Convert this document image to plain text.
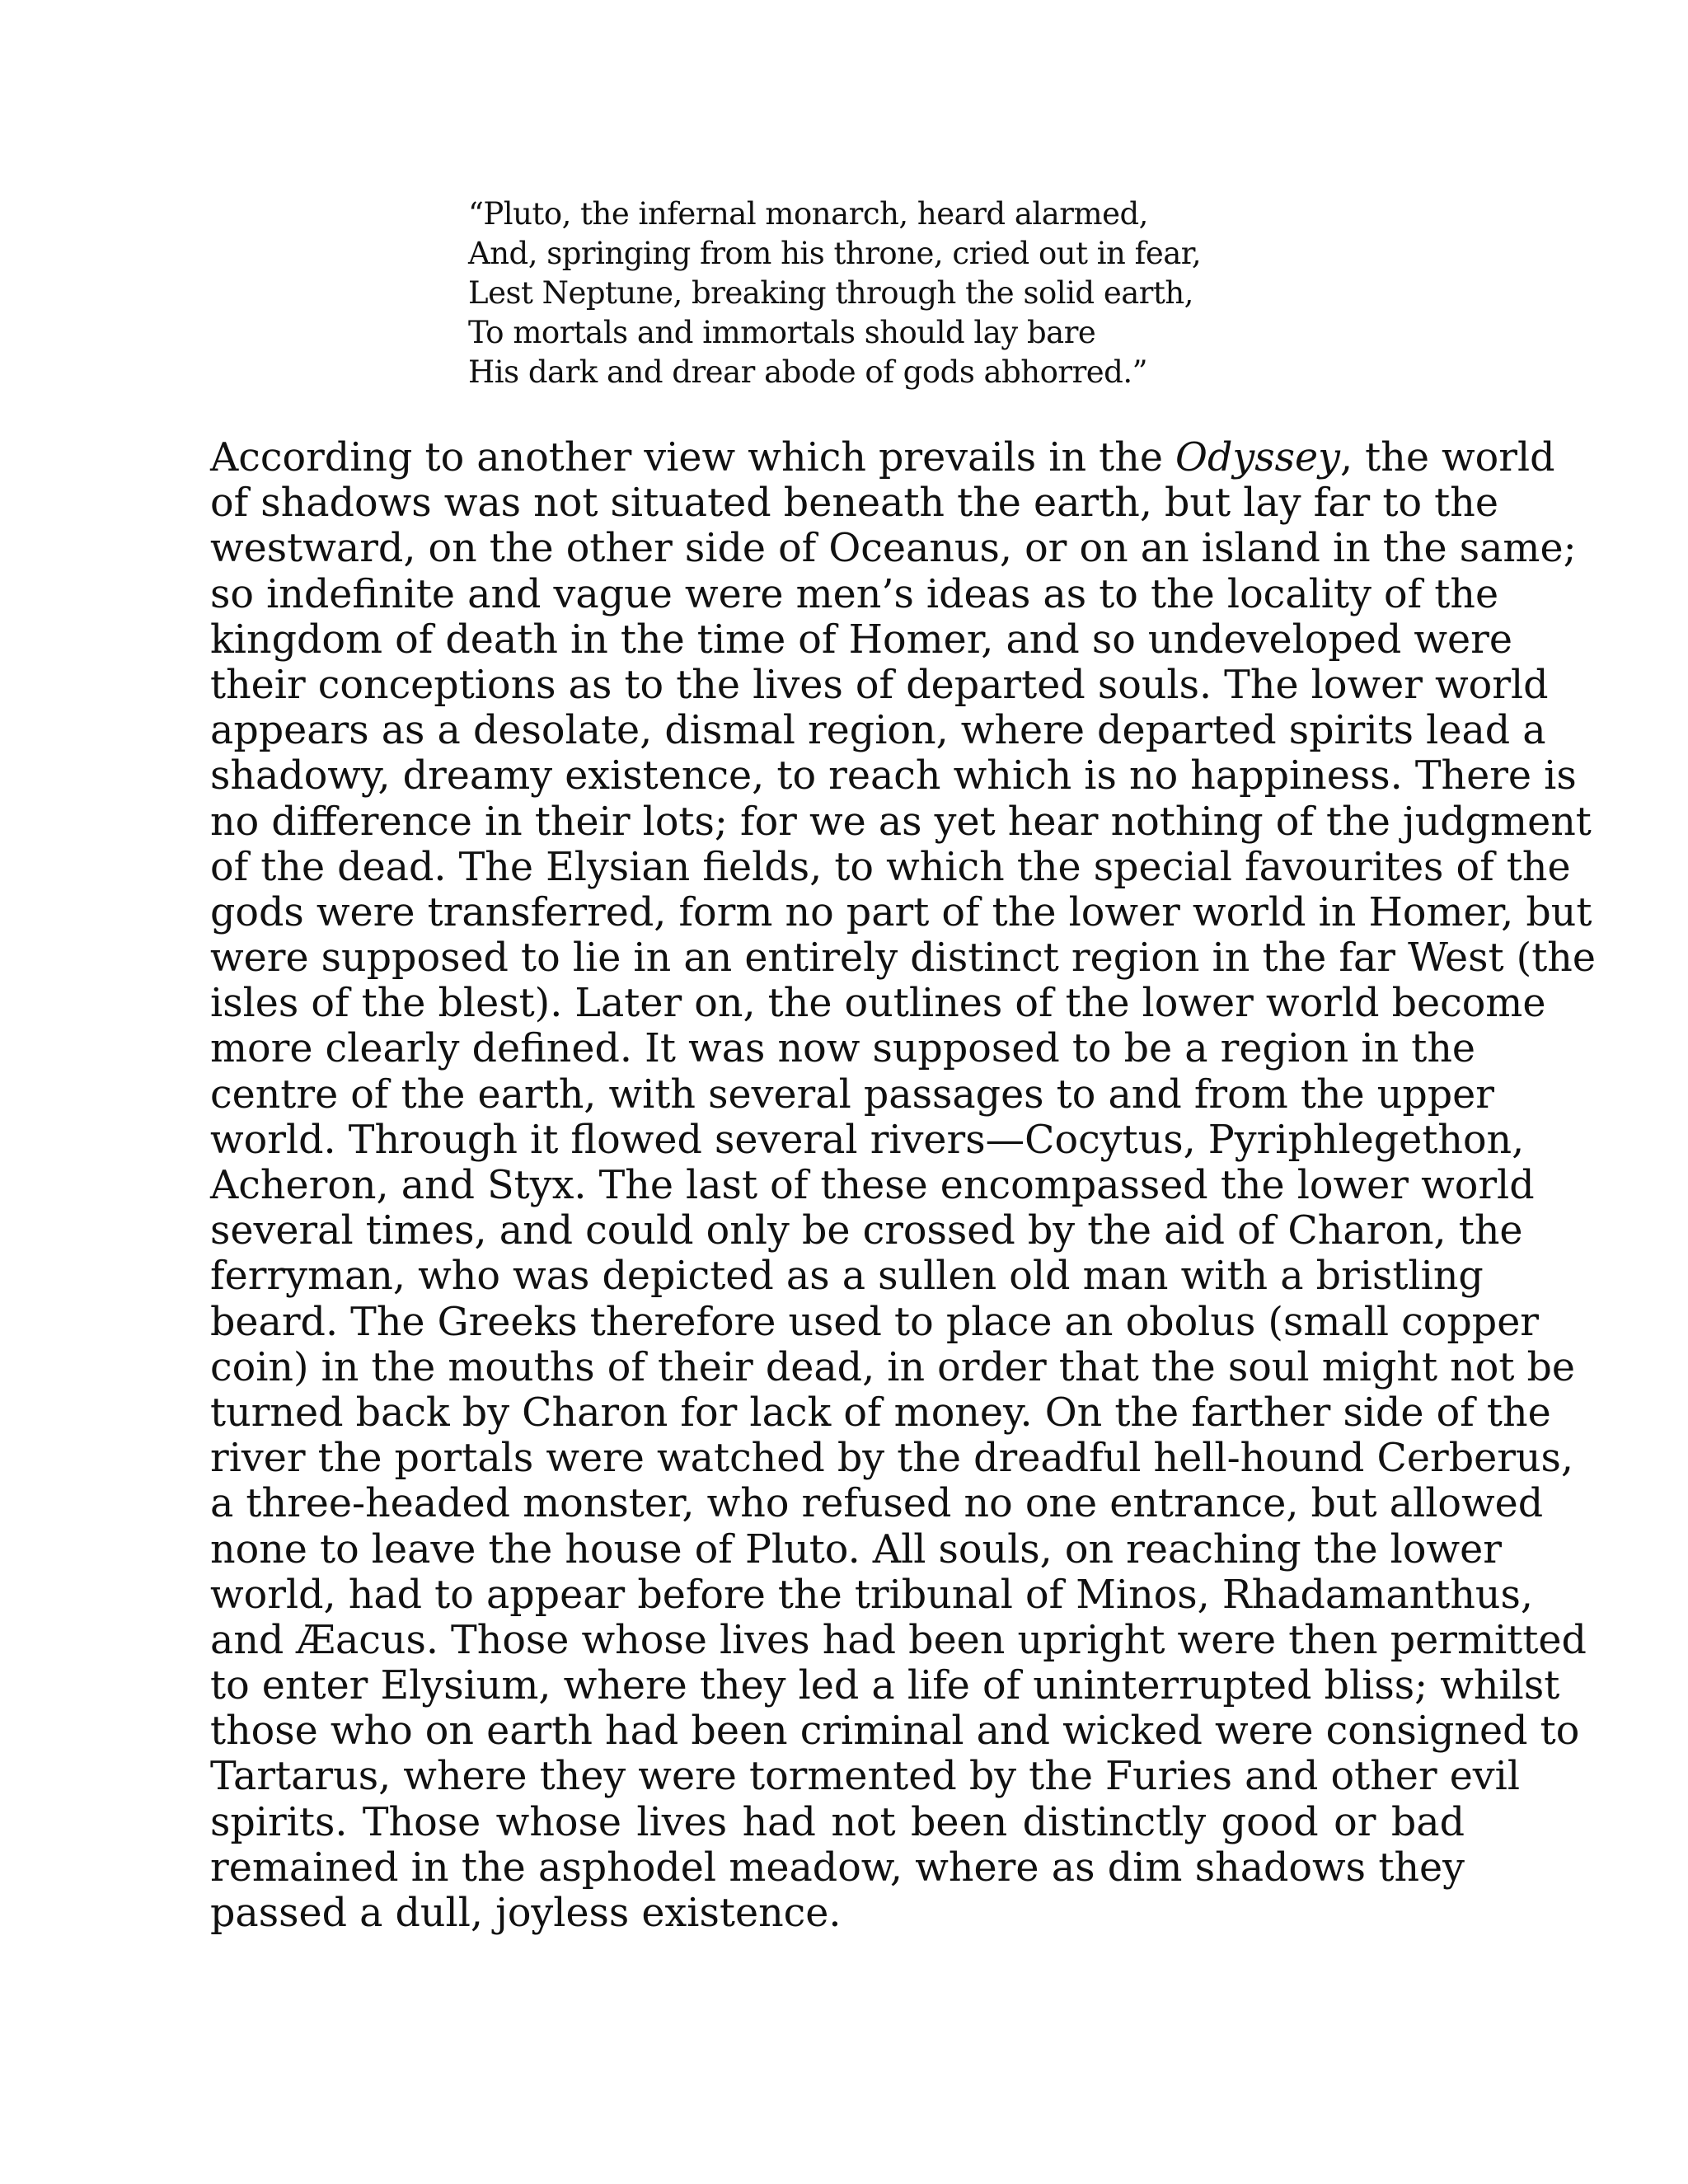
“Pluto, the infernal monarch, heard alarmed,
And, springing from his throne, cried out in fear,
Lest Neptune, breaking through the solid earth,
To mortals and immortals should lay bare
His dark and drear abode of gods abhorred.”
According to another view which prevails in the Odyssey, the world
of shadows was not situated beneath the earth, but lay far to the
westward, on the other side of Oceanus, or on an island in the same;
so indefinite and vague were men’s ideas as to the locality of the
kingdom of death in the time of Homer, and so undeveloped were
their conceptions as to the lives of departed souls. The lower world
appears as a desolate, dismal region, where departed spirits lead a
shadowy, dreamy existence, to reach which is no happiness. There is
no difference in their lots; for we as yet hear nothing of the judgment
of the dead. The Elysian fields, to which the special favourites of the
gods were transferred, form no part of the lower world in Homer, but
were supposed to lie in an entirely distinct region in the far West (the
isles of the blest). Later on, the outlines of the lower world become
more clearly defined. It was now supposed to be a region in the
centre of the earth, with several passages to and from the upper
world. Through it flowed several rivers—Cocytus, Pyriphlegethon,
Acheron, and Styx. The last of these encompassed the lower world
several times, and could only be crossed by the aid of Charon, the
ferryman, who was depicted as a sullen old man with a bristling
beard. The Greeks therefore used to place an obolus (small copper
coin) in the mouths of their dead, in order that the soul might not be
turned back by Charon for lack of money. On the farther side of the
river the portals were watched by the dreadful hell-hound Cerberus,
a three-headed monster, who refused no one entrance, but allowed
none to leave the house of Pluto. All souls, on reaching the lower
world, had to appear before the tribunal of Minos, Rhadamanthus,
and Æacus. Those whose lives had been upright were then permitted
to enter Elysium, where they led a life of uninterrupted bliss; whilst
those who on earth had been criminal and wicked were consigned to
Tartarus, where they were tormented by the Furies and other evil
spirits. Those whose lives had not been distinctly good or bad
remained in the asphodel meadow, where as dim shadows they
passed a dull, joyless existence.
